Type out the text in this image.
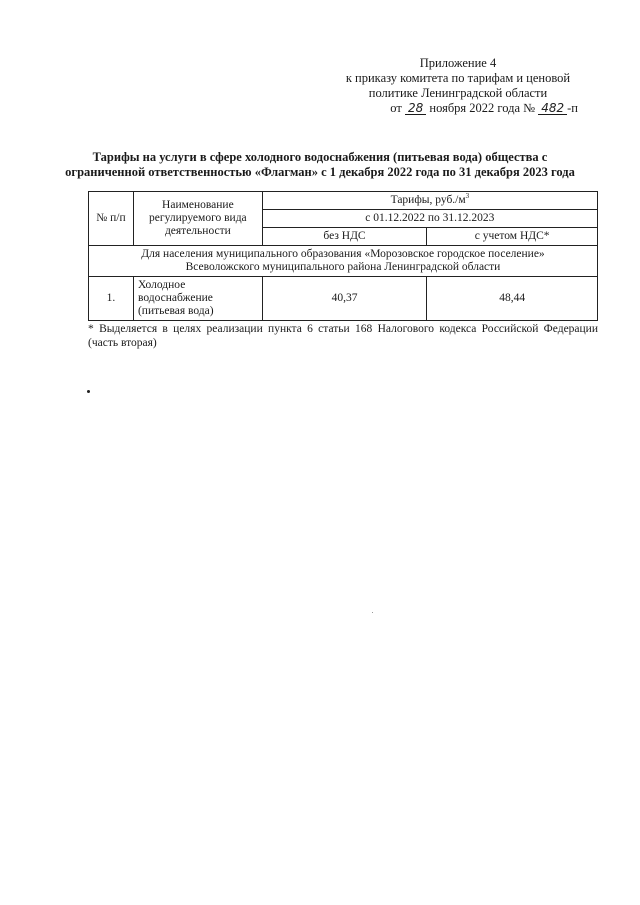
Приложение 4
к приказу комитета по тарифам и ценовой
политике Ленинградской области
от 28 ноября 2022 года № 482 -п
Тарифы на услуги в сфере холодного водоснабжения (питьевая вода) общества с
ограниченной ответственностью «Флагман» с 1 декабря 2022 года по 31 декабря 2023 года
№ п/п	Наименование регулируемого вида деятельности	Тарифы, $руб./м^3$
		с 01.12.2022 по 31.12.2023	
		без НДС	с учетом НДС*

Для населения муниципального образования «Морозовское городское поселение»
Всеволожского муниципального района Ленинградской области			

1.	Холодное водоснабжение (питьевая вода)	40,37	48,44
* Выделяется в целях реализации пункта 6 статьи 168 Налогового кодекса Российской Федерации (часть вторая)
